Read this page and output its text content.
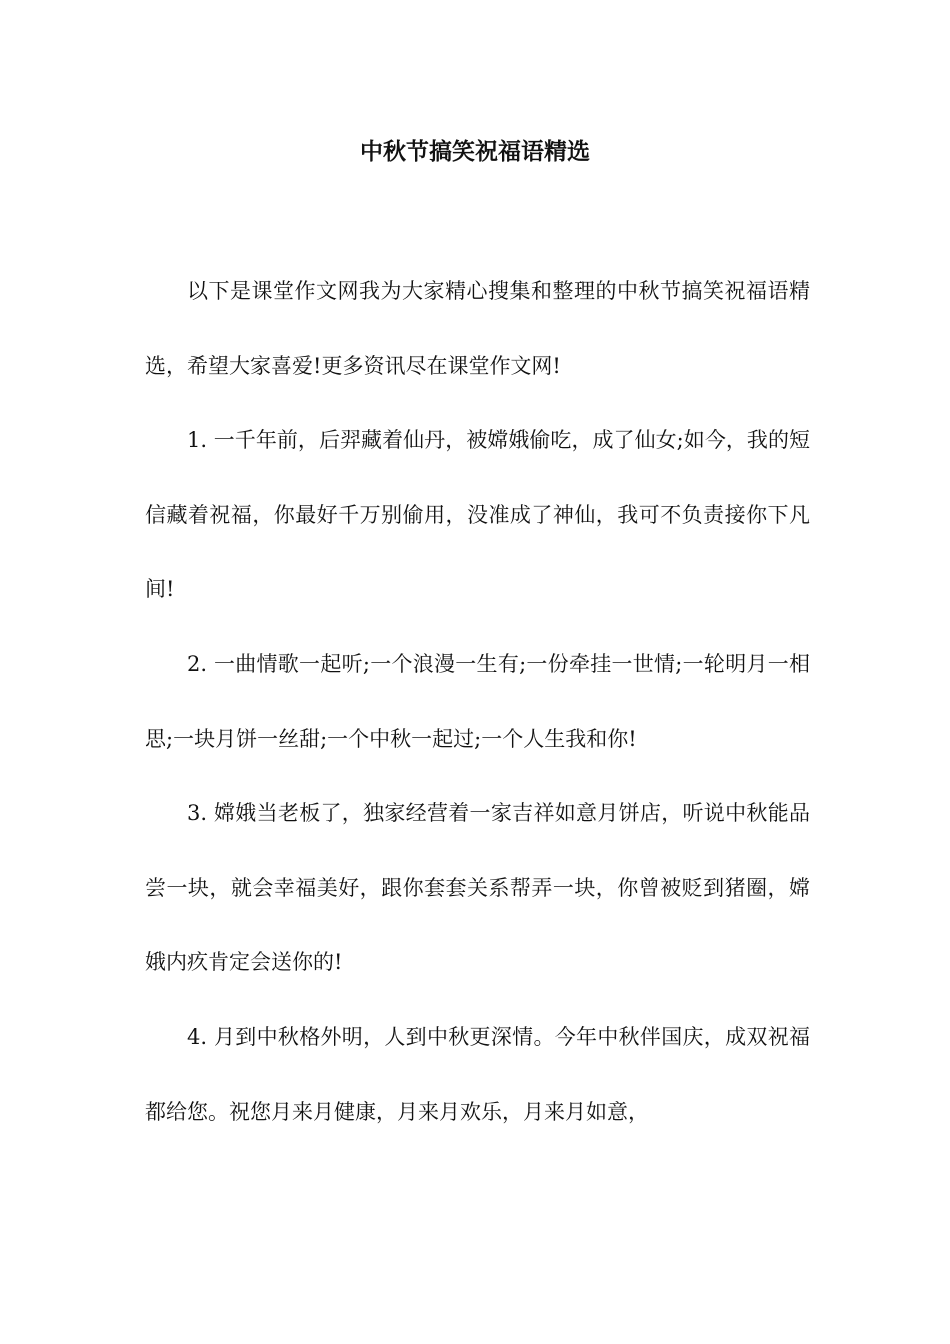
中秋节搞笑祝福语精选

以下是课堂作文网我为大家精心搜集和整理的中秋节搞笑祝福语精选，希望大家喜爱!更多资讯尽在课堂作文网!

1. 一千年前，后羿藏着仙丹，被嫦娥偷吃，成了仙女;如今，我的短信藏着祝福，你最好千万别偷用，没准成了神仙，我可不负责接你下凡间!

2. 一曲情歌一起听;一个浪漫一生有;一份牵挂一世情;一轮明月一相思;一块月饼一丝甜;一个中秋一起过;一个人生我和你!

3. 嫦娥当老板了，独家经营着一家吉祥如意月饼店，听说中秋能品尝一块，就会幸福美好，跟你套套关系帮弄一块，你曾被贬到猪圈，嫦娥内疚肯定会送你的!

4. 月到中秋格外明，人到中秋更深情。今年中秋伴国庆，成双祝福都给您。祝您月来月健康，月来月欢乐，月来月如意，
